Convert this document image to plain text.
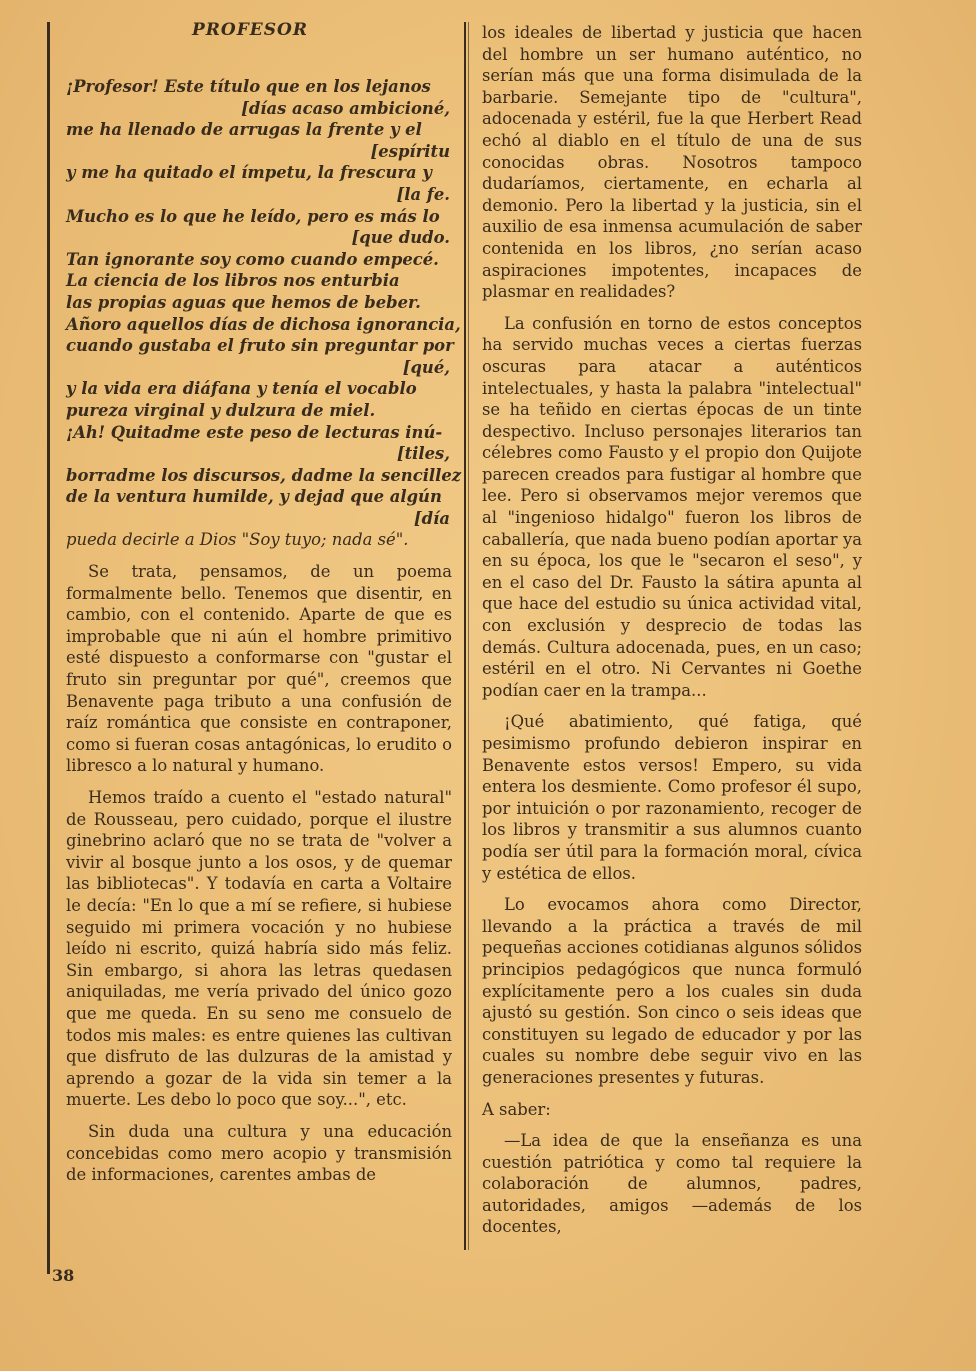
PROFESOR
¡Profesor! Este título que en los lejanos
[días acaso ambicioné,
me ha llenado de arrugas la frente y el
[espíritu
y me ha quitado el ímpetu, la frescura y
[la fe.
Mucho es lo que he leído, pero es más lo
[que dudo.
Tan ignorante soy como cuando empecé.
La ciencia de los libros nos enturbia
las propias aguas que hemos de beber.
Añoro aquellos días de dichosa ignorancia,
cuando gustaba el fruto sin preguntar por
[qué,
y la vida era diáfana y tenía el vocablo
pureza virginal y dulzura de miel.
¡Ah! Quitadme este peso de lecturas inú-
[tiles,
borradme los discursos, dadme la sencillez
de la ventura humilde, y dejad que algún
[día
pueda decirle a Dios "Soy tuyo; nada sé".

Se trata, pensamos, de un poema formalmente bello. Tenemos que disentir, en cambio, con el contenido. Aparte de que es improbable que ni aún el hombre primitivo esté dispuesto a conformarse con "gustar el fruto sin preguntar por qué", creemos que Benavente paga tributo a una confusión de raíz romántica que consiste en contraponer, como si fueran cosas antagónicas, lo erudito o libresco a lo natural y humano.

Hemos traído a cuento el "estado natural" de Rousseau, pero cuidado, porque el ilustre ginebrino aclaró que no se trata de "volver a vivir al bosque junto a los osos, y de quemar las bibliotecas". Y todavía en carta a Voltaire le decía: "En lo que a mí se refiere, si hubiese seguido mi primera vocación y no hubiese leído ni escrito, quizá habría sido más feliz. Sin embargo, si ahora las letras quedasen aniquiladas, me vería privado del único gozo que me queda. En su seno me consuelo de todos mis males: es entre quienes las cultivan que disfruto de las dulzuras de la amistad y aprendo a gozar de la vida sin temer a la muerte. Les debo lo poco que soy...", etc.

Sin duda una cultura y una educación concebidas como mero acopio y transmisión de informaciones, carentes ambas de

los ideales de libertad y justicia que hacen del hombre un ser humano auténtico, no serían más que una forma disimulada de la barbarie. Semejante tipo de "cultura", adocenada y estéril, fue la que Herbert Read echó al diablo en el título de una de sus conocidas obras. Nosotros tampoco dudaríamos, ciertamente, en echarla al demonio. Pero la libertad y la justicia, sin el auxilio de esa inmensa acumulación de saber contenida en los libros, ¿no serían acaso aspiraciones impotentes, incapaces de plasmar en realidades?

La confusión en torno de estos conceptos ha servido muchas veces a ciertas fuerzas oscuras para atacar a auténticos intelectuales, y hasta la palabra "intelectual" se ha teñido en ciertas épocas de un tinte despectivo. Incluso personajes literarios tan célebres como Fausto y el propio don Quijote parecen creados para fustigar al hombre que lee. Pero si observamos mejor veremos que al "ingenioso hidalgo" fueron los libros de caballería, que nada bueno podían aportar ya en su época, los que le "secaron el seso", y en el caso del Dr. Fausto la sátira apunta al que hace del estudio su única actividad vital, con exclusión y desprecio de todas las demás. Cultura adocenada, pues, en un caso; estéril en el otro. Ni Cervantes ni Goethe podían caer en la trampa...

¡Qué abatimiento, qué fatiga, qué pesimismo profundo debieron inspirar en Benavente estos versos! Empero, su vida entera los desmiente. Como profesor él supo, por intuición o por razonamiento, recoger de los libros y transmitir a sus alumnos cuanto podía ser útil para la formación moral, cívica y estética de ellos.

Lo evocamos ahora como Director, llevando a la práctica a través de mil pequeñas acciones cotidianas algunos sólidos principios pedagógicos que nunca formuló explícitamente pero a los cuales sin duda ajustó su gestión. Son cinco o seis ideas que constituyen su legado de educador y por las cuales su nombre debe seguir vivo en las generaciones presentes y futuras.

A saber:

—La idea de que la enseñanza es una cuestión patriótica y como tal requiere la colaboración de alumnos, padres, autoridades, amigos —además de los docentes,

38
